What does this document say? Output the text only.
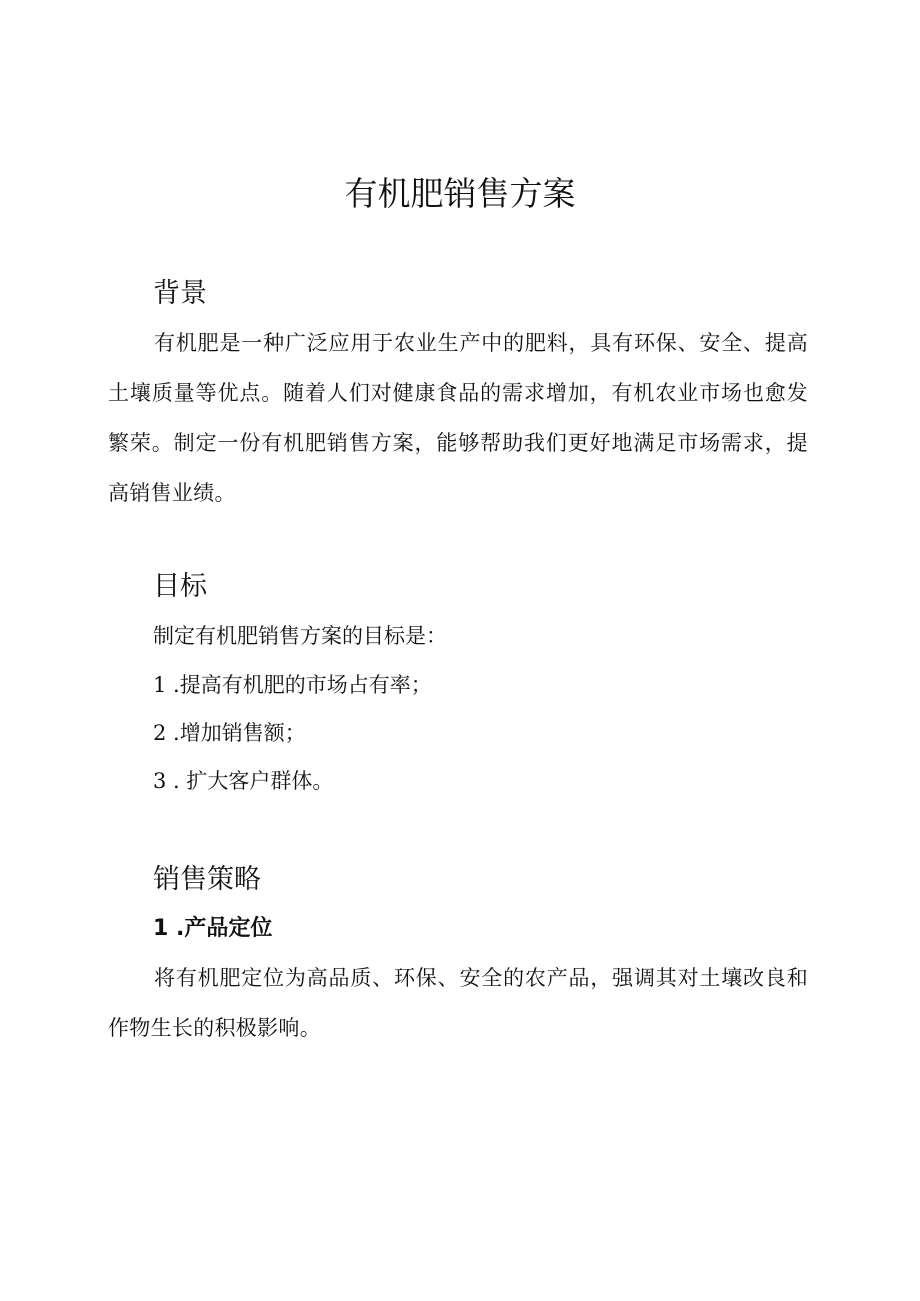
有机肥销售方案
背景

有机肥是一种广泛应用于农业生产中的肥料，具有环保、安全、提高土壤质量等优点。随着人们对健康食品的需求增加，有机农业市场也愈发繁荣。制定一份有机肥销售方案，能够帮助我们更好地满足市场需求，提高销售业绩。

目标

制定有机肥销售方案的目标是：

1 .提高有机肥的市场占有率；

2 .增加销售额；

3 . 扩大客户群体。

销售策略
1 .产品定位

将有机肥定位为高品质、环保、安全的农产品，强调其对土壤改良和作物生长的积极影响。
